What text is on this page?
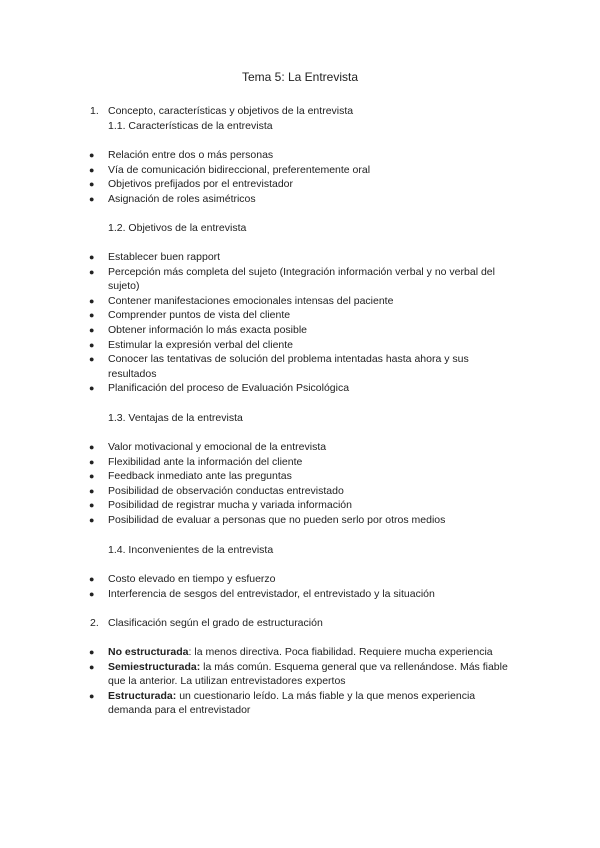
Tema 5: La Entrevista
1. Concepto, características y objetivos de la entrevista
1.1. Características de la entrevista
● Relación entre dos o más personas
● Vía de comunicación bidireccional, preferentemente oral
● Objetivos prefijados por el entrevistador
● Asignación de roles asimétricos
1.2. Objetivos de la entrevista
● Establecer buen rapport
● Percepción más completa del sujeto (Integración información verbal y no verbal del sujeto)
● Contener manifestaciones emocionales intensas del paciente
● Comprender puntos de vista del cliente
● Obtener información lo más exacta posible
● Estimular la expresión verbal del cliente
● Conocer las tentativas de solución del problema intentadas hasta ahora y sus resultados
● Planificación del proceso de Evaluación Psicológica
1.3. Ventajas de la entrevista
● Valor motivacional y emocional de la entrevista
● Flexibilidad ante la información del cliente
● Feedback inmediato ante las preguntas
● Posibilidad de observación conductas entrevistado
● Posibilidad de registrar mucha y variada información
● Posibilidad de evaluar a personas que no pueden serlo por otros medios
1.4. Inconvenientes de la entrevista
● Costo elevado en tiempo y esfuerzo
● Interferencia de sesgos del entrevistador, el entrevistado y la situación
2. Clasificación según el grado de estructuración
● No estructurada: la menos directiva. Poca fiabilidad. Requiere mucha experiencia
● Semiestructurada: la más común. Esquema general que va rellenándose. Más fiable que la anterior. La utilizan entrevistadores expertos
● Estructurada: un cuestionario leído. La más fiable y la que menos experiencia demanda para el entrevistador
